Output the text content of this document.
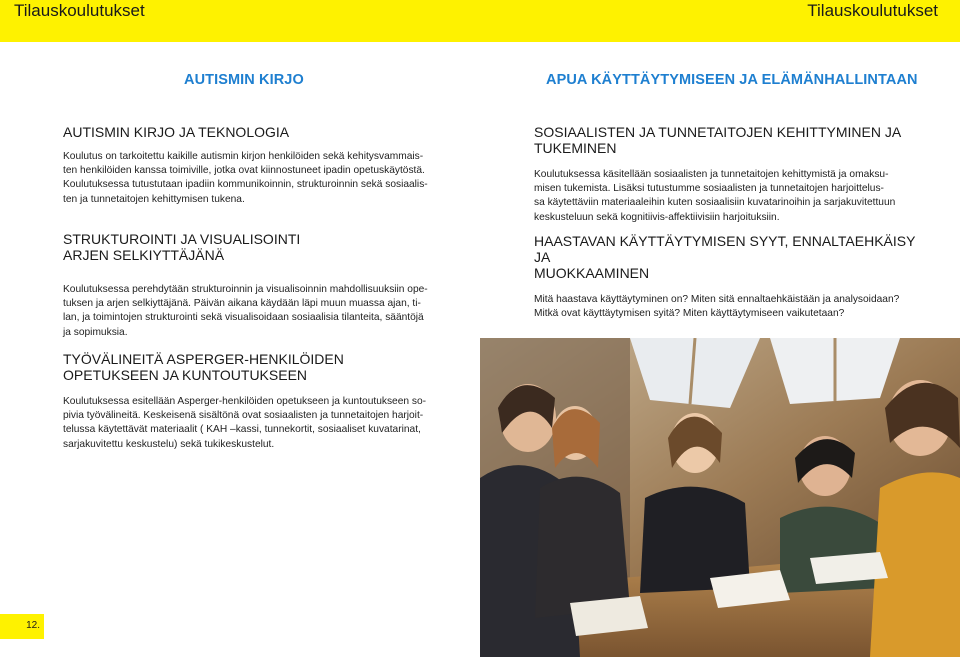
Tilauskoulutukset	Tilauskoulutukset
AUTISMIN KIRJO	APUA KÄYTTÄYTYMISEEN JA ELÄMÄNHALLINTAAN
AUTISMIN KIRJO JA TEKNOLOGIA

Koulutus on tarkoitettu kaikille autismin kirjon henkilöiden sekä kehitysvammais-

ten henkilöiden kanssa toimiville, jotka ovat kiinnostuneet ipadin opetuskäytöstä.

Koulutuksessa tutustutaan ipadiin kommunikoinnin, strukturoinnin sekä sosiaalis-

ten ja tunnetaitojen kehittymisen tukena.

STRUKTUROINTI JA VISUALISOINTI
ARJEN SELKIYTTÄJÄNÄ

Koulutuksessa perehdytään strukturoinnin ja visualisoinnin mahdollisuuksiin ope-

tuksen ja arjen selkiyttäjänä. Päivän aikana käydään läpi muun muassa ajan, ti-

lan, ja toimintojen strukturointi sekä visualisoidaan sosiaalisia tilanteita, sääntöjä

ja sopimuksia.

TYÖVÄLINEITÄ ASPERGER-HENKILÖIDEN
OPETUKSEEN JA KUNTOUTUKSEEN

Koulutuksessa esitellään Asperger-henkilöiden opetukseen ja kuntoutukseen so-

pivia työvälineitä. Keskeisenä sisältönä ovat sosiaalisten ja tunnetaitojen harjoit-

telussa käytettävät materiaalit ( KAH –kassi, tunnekortit, sosiaaliset kuvatarinat,

sarjakuvitettu keskustelu) sekä tukikeskustelut.

SOSIAALISTEN JA TUNNETAITOJEN KEHITTYMINEN JA
TUKEMINEN

Koulutuksessa käsitellään sosiaalisten ja tunnetaitojen kehittymistä ja omaksu-

misen tukemista. Lisäksi tutustumme sosiaalisten ja tunnetaitojen harjoittelus-

sa käytettäviin materiaaleihin kuten sosiaalisiin kuvatarinoihin ja sarjakuvitettuun

keskusteluun sekä kognitiivis-affektiivisiin harjoituksiin.

HAASTAVAN KÄYTTÄYTYMISEN SYYT, ENNALTAEHKÄISY JA
MUOKKAAMINEN

Mitä haastava käyttäytyminen on? Miten sitä ennaltaehkäistään ja analysoidaan?

Mitkä ovat käyttäytymisen syitä? Miten käyttäytymiseen vaikutetaan?

12.
